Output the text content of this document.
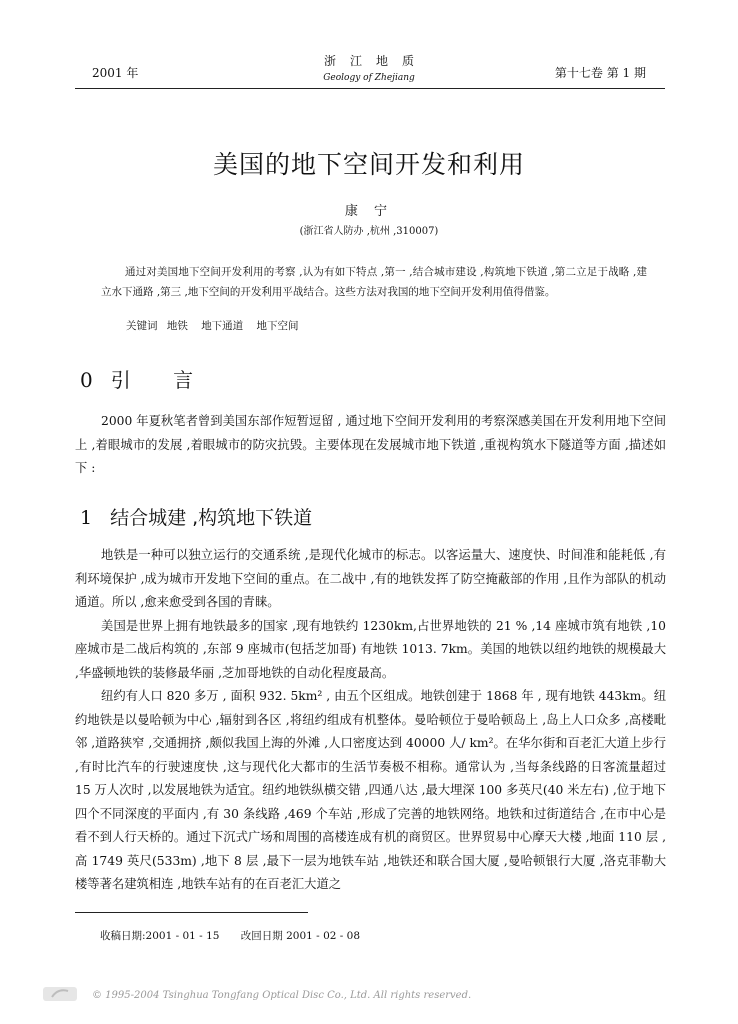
2001 年
浙江地质
Geology of Zhejiang	第十七卷 第 1 期
美国的地下空间开发和利用
康 宁
(浙江省人防办 ,杭州 ,310007)
通过对美国地下空间开发利用的考察 ,认为有如下特点 ,第一 ,结合城市建设 ,构筑地下铁道 ,第二立足于战略 ,建立水下通路 ,第三 ,地下空间的开发利用平战结合。这些方法对我国的地下空间开发利用值得借鉴。
关键词 地铁 地下通道 地下空间
0 引 言

2000 年夏秋笔者曾到美国东部作短暂逗留 , 通过地下空间开发利用的考察深感美国在开发利用地下空间上 ,着眼城市的发展 ,着眼城市的防灾抗毁。主要体现在发展城市地下铁道 ,重视构筑水下隧道等方面 ,描述如下 :

1 结合城建 ,构筑地下铁道

地铁是一种可以独立运行的交通系统 ,是现代化城市的标志。以客运量大、速度快、时间准和能耗低 ,有利环境保护 ,成为城市开发地下空间的重点。在二战中 ,有的地铁发挥了防空掩蔽部的作用 ,且作为部队的机动通道。所以 ,愈来愈受到各国的青睐。

美国是世界上拥有地铁最多的国家 ,现有地铁约 1230km,占世界地铁的 21 % ,14 座城市筑有地铁 ,10 座城市是二战后构筑的 ,东部 9 座城市(包括芝加哥) 有地铁 1013. 7km。美国的地铁以纽约地铁的规模最大 ,华盛顿地铁的装修最华丽 ,芝加哥地铁的自动化程度最高。

纽约有人口 820 多万 , 面积 932. 5km² , 由五个区组成。地铁创建于 1868 年 , 现有地铁 443km。纽约地铁是以曼哈顿为中心 ,辐射到各区 ,将纽约组成有机整体。曼哈顿位于曼哈顿岛上 ,岛上人口众多 ,高楼毗邻 ,道路狭窄 ,交通拥挤 ,颇似我国上海的外滩 ,人口密度达到 40000 人/ km²。在华尔街和百老汇大道上步行 ,有时比汽车的行驶速度快 ,这与现代化大都市的生活节奏极不相称。通常认为 ,当每条线路的日客流量超过 15 万人次时 ,以发展地铁为适宜。纽约地铁纵横交错 ,四通八达 ,最大埋深 100 多英尺(40 米左右) ,位于地下四个不同深度的平面内 ,有 30 条线路 ,469 个车站 ,形成了完善的地铁网络。地铁和过街道结合 ,在市中心是看不到人行天桥的。通过下沉式广场和周围的高楼连成有机的商贸区。世界贸易中心摩天大楼 ,地面 110 层 ,高 1749 英尺(533m) ,地下 8 层 ,最下一层为地铁车站 ,地铁还和联合国大厦 ,曼哈顿银行大厦 ,洛克菲勒大楼等著名建筑相连 ,地铁车站有的在百老汇大道之

收稿日期:2001 - 01 - 15 改回日期 2001 - 02 - 08
© 1995-2004 Tsinghua Tongfang Optical Disc Co., Ltd. All rights reserved.
